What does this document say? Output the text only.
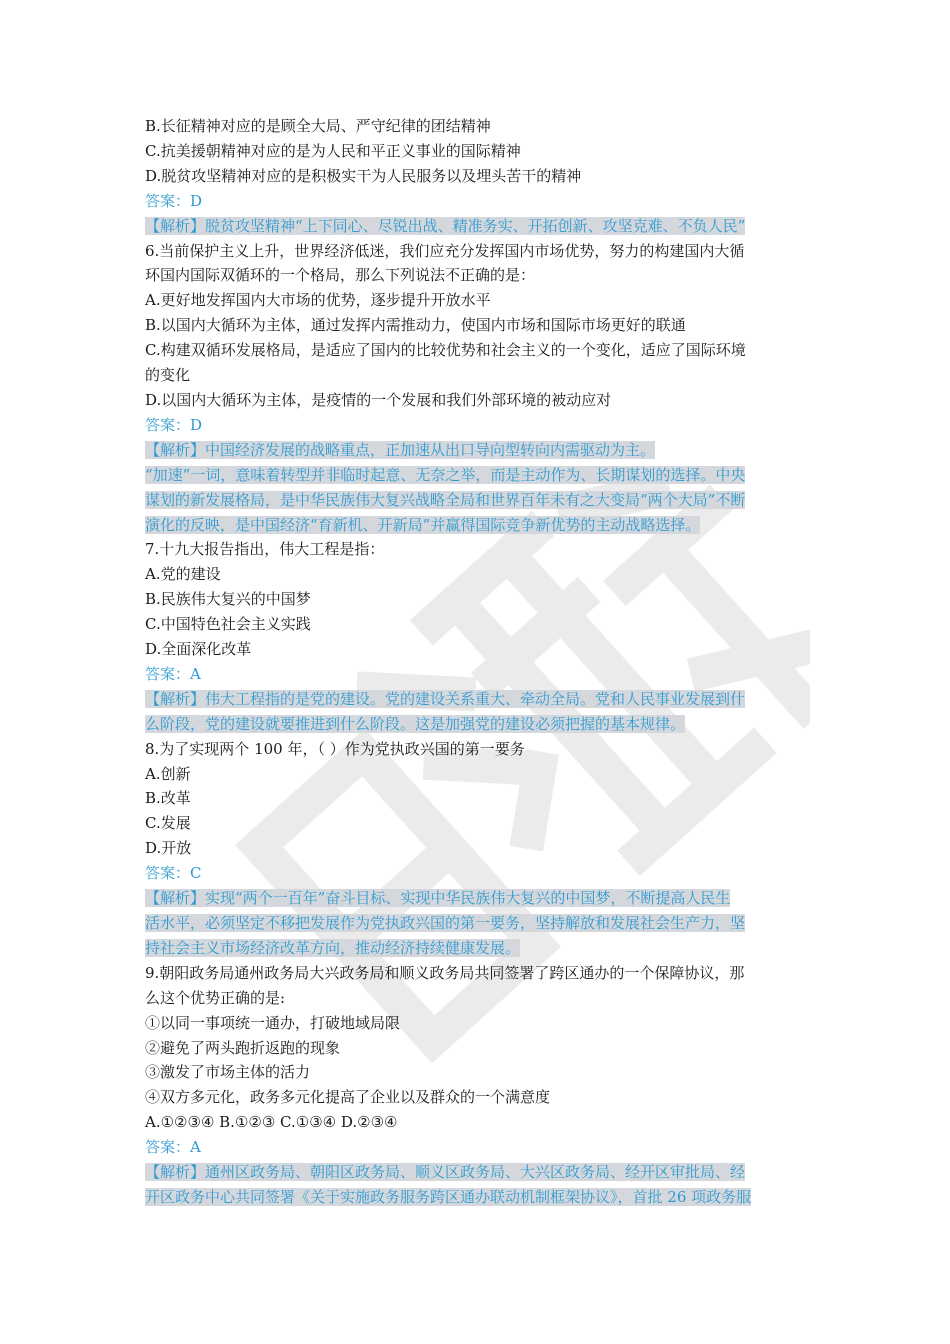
B.长征精神对应的是顾全大局、严守纪律的团结精神
C.抗美援朝精神对应的是为人民和平正义事业的国际精神
D.脱贫攻坚精神对应的是积极实干为人民服务以及埋头苦干的精神
答案：D
【解析】脱贫攻坚精神“上下同心、尽锐出战、精准务实、开拓创新、攻坚克难、不负人民”
6.当前保护主义上升，世界经济低迷，我们应充分发挥国内市场优势，努力的构建国内大循
环国内国际双循环的一个格局，那么下列说法不正确的是：
A.更好地发挥国内大市场的优势，逐步提升开放水平
B.以国内大循环为主体，通过发挥内需推动力，使国内市场和国际市场更好的联通
C.构建双循环发展格局，是适应了国内的比较优势和社会主义的一个变化，适应了国际环境
的变化
D.以国内大循环为主体，是疫情的一个发展和我们外部环境的被动应对
答案：D
【解析】中国经济发展的战略重点，正加速从出口导向型转向内需驱动为主。
“加速”一词，意味着转型并非临时起意、无奈之举，而是主动作为、长期谋划的选择。中央
谋划的新发展格局，是中华民族伟大复兴战略全局和世界百年未有之大变局“两个大局”不断
演化的反映，是中国经济“育新机、开新局”并赢得国际竞争新优势的主动战略选择。
7.十九大报告指出，伟大工程是指：
A.党的建设
B.民族伟大复兴的中国梦
C.中国特色社会主义实践
D.全面深化改革
答案：A
【解析】伟大工程指的是党的建设。党的建设关系重大、牵动全局。党和人民事业发展到什
么阶段，党的建设就要推进到什么阶段。这是加强党的建设必须把握的基本规律。
8.为了实现两个 100 年，（ ）作为党执政兴国的第一要务
A.创新
B.改革
C.发展
D.开放
答案：C
【解析】实现“两个一百年”奋斗目标、实现中华民族伟大复兴的中国梦，不断提高人民生
活水平，必须坚定不移把发展作为党执政兴国的第一要务，坚持解放和发展社会生产力，坚
持社会主义市场经济改革方向，推动经济持续健康发展。
9.朝阳政务局通州政务局大兴政务局和顺义政务局共同签署了跨区通办的一个保障协议，那
么这个优势正确的是:
①以同一事项统一通办，打破地域局限
②避免了两头跑折返跑的现象
③激发了市场主体的活力
④双方多元化，政务多元化提高了企业以及群众的一个满意度
A.①②③④ B.①②③ C.①③④ D.②③④
答案：A
【解析】通州区政务局、朝阳区政务局、顺义区政务局、大兴区政务局、经开区审批局、经
开区政务中心共同签署《关于实施政务服务跨区通办联动机制框架协议》，首批 26 项政务服
